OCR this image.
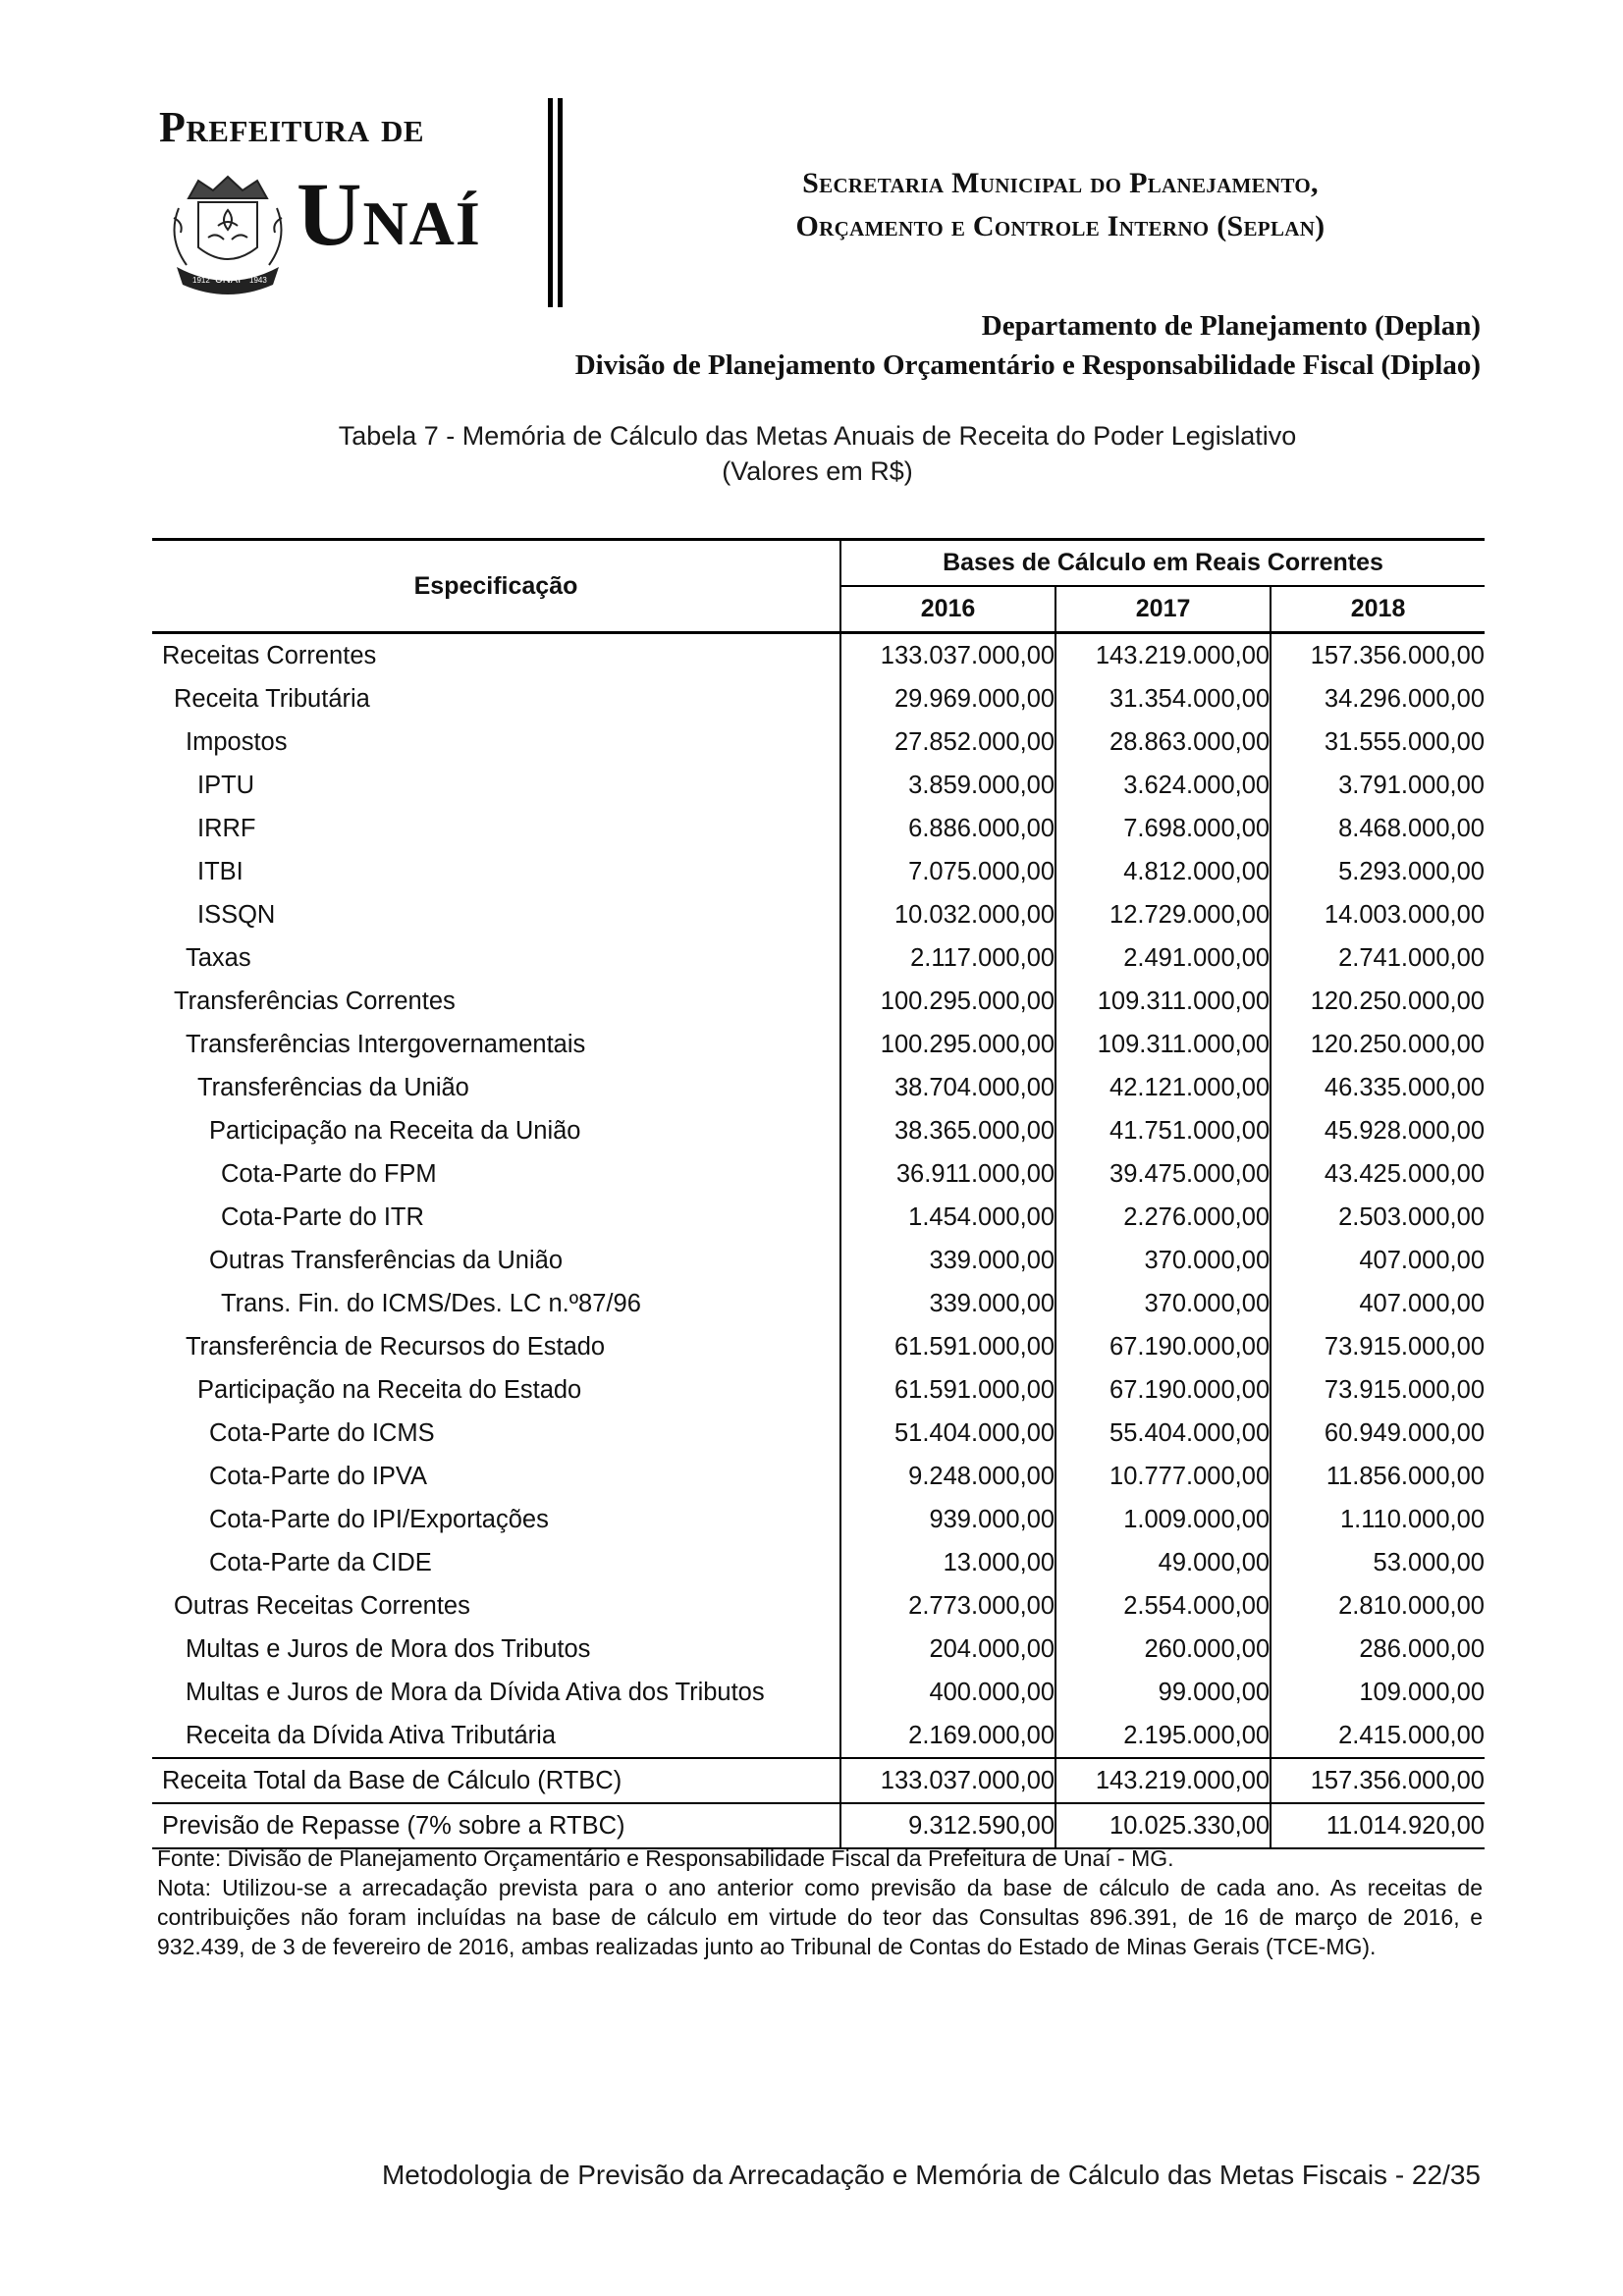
Prefeitura de
UNAÍ
1912	1943
Unaí	Secretaria Municipal do Planejamento,
Orçamento e Controle Interno (Seplan)
Departamento de Planejamento (Deplan)
Divisão de Planejamento Orçamentário e Responsabilidade Fiscal (Diplao)
Tabela 7 - Memória de Cálculo das Metas Anuais de Receita do Poder Legislativo
(Valores em R$)
Especificação	Bases de Cálculo em Reais Correntes		
	2016	2017	2018
Receitas Correntes	133.037.000,00	143.219.000,00	157.356.000,00
Receita Tributária	29.969.000,00	31.354.000,00	34.296.000,00
Impostos	27.852.000,00	28.863.000,00	31.555.000,00
IPTU	3.859.000,00	3.624.000,00	3.791.000,00
IRRF	6.886.000,00	7.698.000,00	8.468.000,00
ITBI	7.075.000,00	4.812.000,00	5.293.000,00
ISSQN	10.032.000,00	12.729.000,00	14.003.000,00
Taxas	2.117.000,00	2.491.000,00	2.741.000,00
Transferências Correntes	100.295.000,00	109.311.000,00	120.250.000,00
Transferências Intergovernamentais	100.295.000,00	109.311.000,00	120.250.000,00
Transferências da União	38.704.000,00	42.121.000,00	46.335.000,00
Participação na Receita da União	38.365.000,00	41.751.000,00	45.928.000,00
Cota-Parte do FPM	36.911.000,00	39.475.000,00	43.425.000,00
Cota-Parte do ITR	1.454.000,00	2.276.000,00	2.503.000,00
Outras Transferências da União	339.000,00	370.000,00	407.000,00
Trans. Fin. do ICMS/Des. LC n.º87/96	339.000,00	370.000,00	407.000,00
Transferência de Recursos do Estado	61.591.000,00	67.190.000,00	73.915.000,00
Participação na Receita do Estado	61.591.000,00	67.190.000,00	73.915.000,00
Cota-Parte do ICMS	51.404.000,00	55.404.000,00	60.949.000,00
Cota-Parte do IPVA	9.248.000,00	10.777.000,00	11.856.000,00
Cota-Parte do IPI/Exportações	939.000,00	1.009.000,00	1.110.000,00
Cota-Parte da CIDE	13.000,00	49.000,00	53.000,00
Outras Receitas Correntes	2.773.000,00	2.554.000,00	2.810.000,00
Multas e Juros de Mora dos Tributos	204.000,00	260.000,00	286.000,00
Multas e Juros de Mora da Dívida Ativa dos Tributos	400.000,00	99.000,00	109.000,00
Receita da Dívida Ativa Tributária	2.169.000,00	2.195.000,00	2.415.000,00
Receita Total da Base de Cálculo (RTBC)	133.037.000,00	143.219.000,00	157.356.000,00
Previsão de Repasse (7% sobre a RTBC)	9.312.590,00	10.025.330,00	11.014.920,00

Fonte: Divisão de Planejamento Orçamentário e Responsabilidade Fiscal da Prefeitura de Unaí - MG.

Nota: Utilizou-se a arrecadação prevista para o ano anterior como previsão da base de cálculo de cada ano. As receitas de contribuições não foram incluídas na base de cálculo em virtude do teor das Consultas 896.391, de 16 de março de 2016, e 932.439, de 3 de fevereiro de 2016, ambas realizadas junto ao Tribunal de Contas do Estado de Minas Gerais (TCE-MG).

Metodologia de Previsão da Arrecadação e Memória de Cálculo das Metas Fiscais - 22/35
